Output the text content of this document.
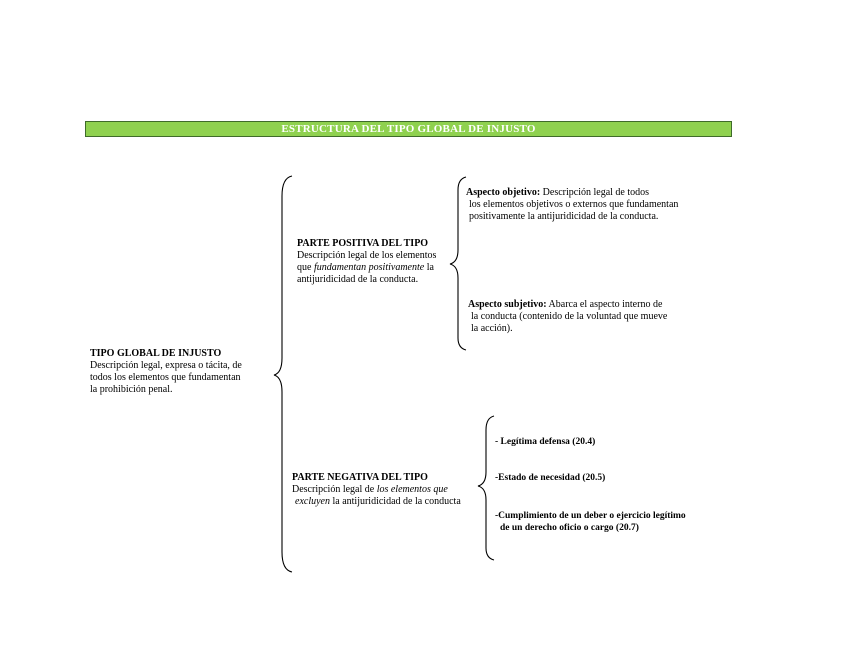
ESTRUCTURA DEL TIPO GLOBAL DE INJUSTO
TIPO GLOBAL DE INJUSTO
Descripción legal, expresa o tácita, de
todos los elementos que fundamentan
la prohibición penal.
PARTE POSITIVA DEL TIPO
Descripción legal de los elementos
que fundamentan positivamente la
antijuridicidad de la conducta.
PARTE NEGATIVA DEL TIPO
Descripción legal de los elementos que
excluyen la antijuridicidad de la conducta
Aspecto objetivo: Descripción legal de todos
los elementos objetivos o externos que fundamentan
positivamente la antijuridicidad de la conducta.
Aspecto subjetivo: Abarca el aspecto interno de
la conducta (contenido de la voluntad que mueve
la acción).
- Legítima defensa (20.4)
-Estado de necesidad (20.5)
-Cumplimiento de un deber o ejercicio legítimo
de un derecho oficio o cargo (20.7)
